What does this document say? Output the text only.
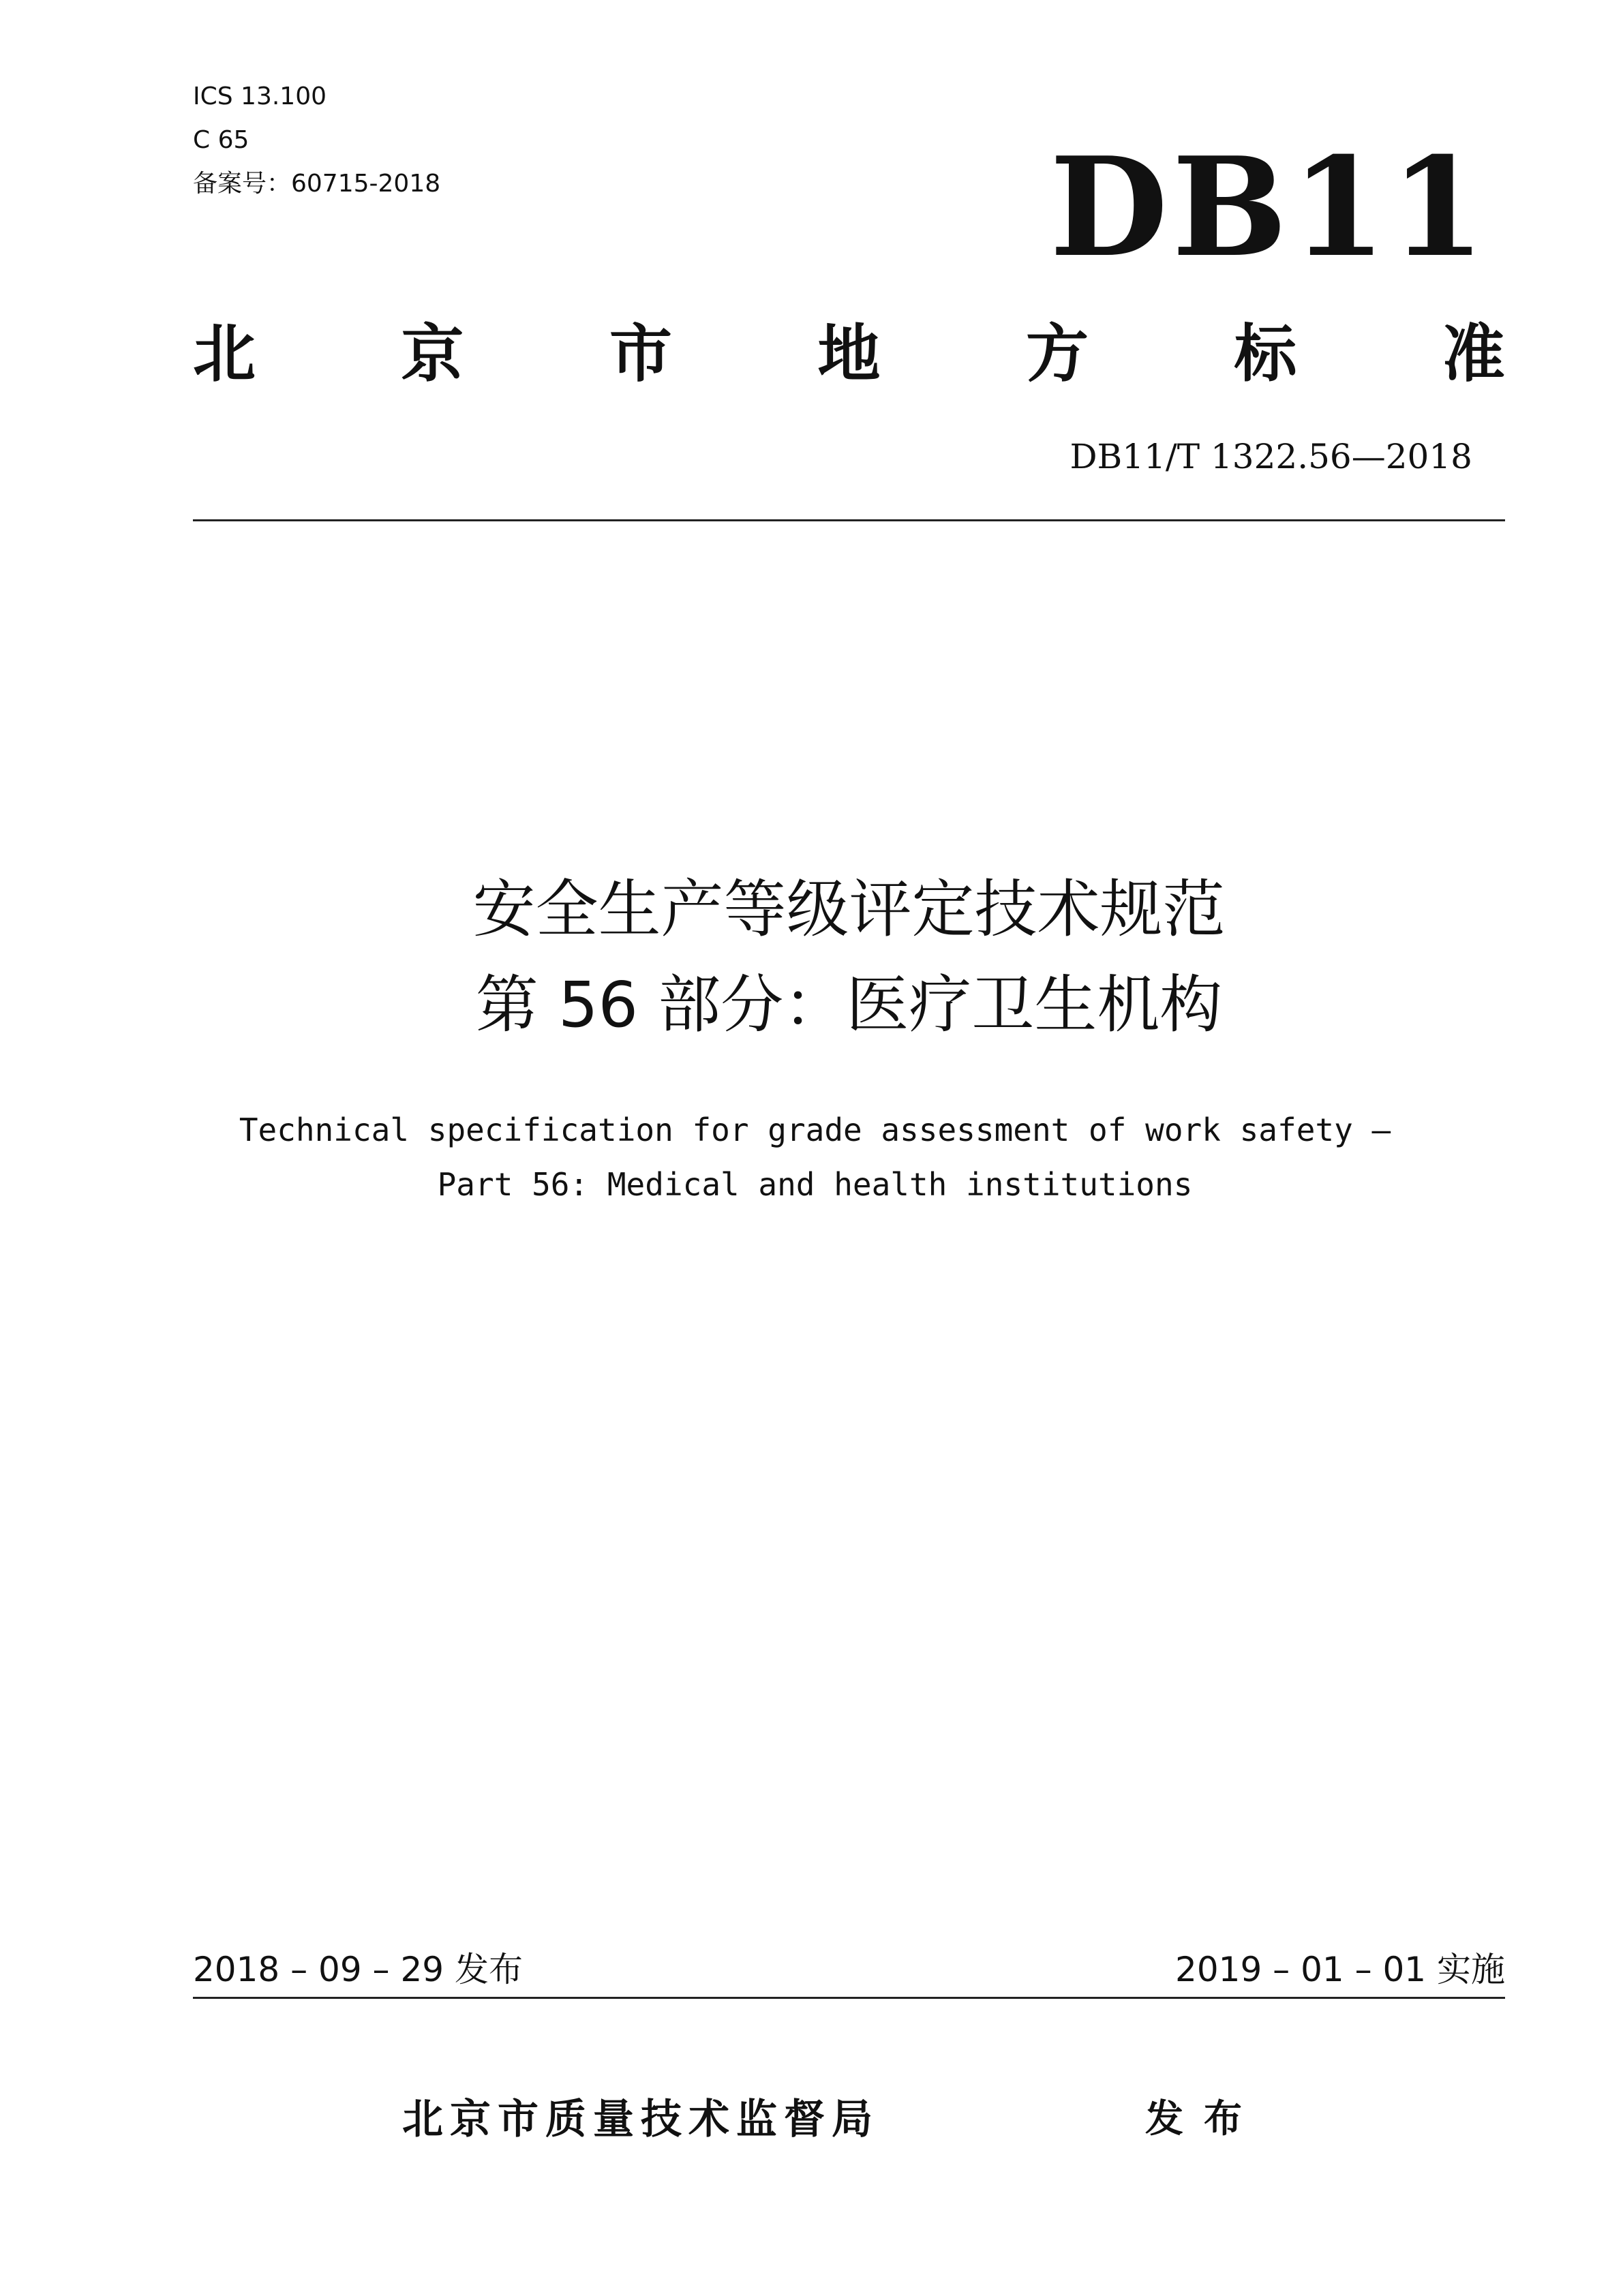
ICS 13.100
C 65
备案号：60715-2018	DB11
北 京 市 地 方 标 准
DB11/T 1322.56—2018
安全生产等级评定技术规范
第 56 部分：医疗卫生机构
Technical specification for grade assessment of work safety —
Part 56: Medical and health institutions
2018 – 09 – 29 发布	2019 – 01 – 01 实施
北京市质量技术监督局	发布
